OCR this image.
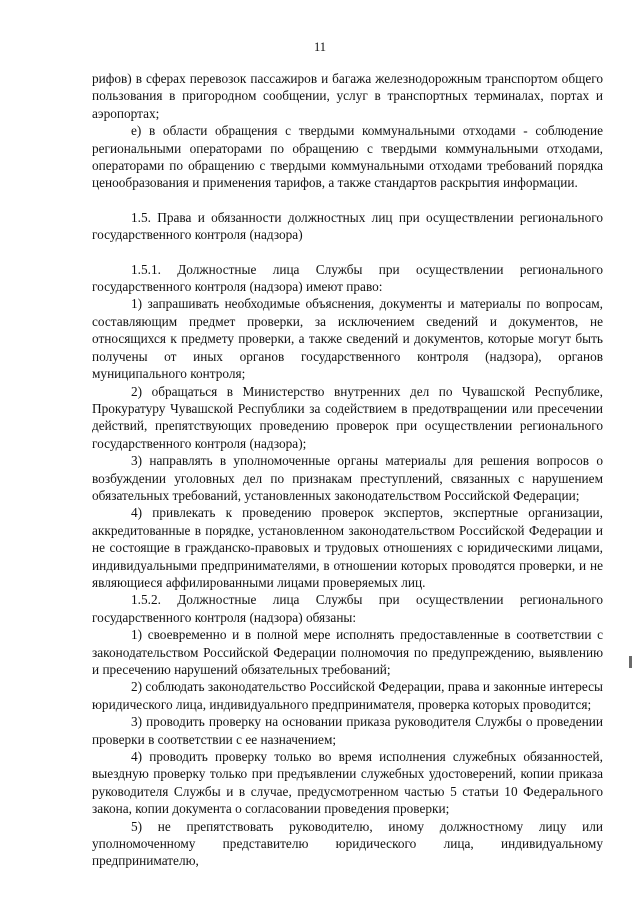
11

рифов) в сферах перевозок пассажиров и багажа железнодорожным транспортом общего пользования в пригородном сообщении, услуг в транспортных терминалах, портах и аэропортах;

е) в области обращения с твердыми коммунальными отходами - соблюдение региональными операторами по обращению с твердыми коммунальными отходами, операторами по обращению с твердыми коммунальными отходами требований порядка ценообразования и применения тарифов, а также стандартов раскрытия информации.

1.5. Права и обязанности должностных лиц при осуществлении регионального государственного контроля (надзора)

1.5.1. Должностные лица Службы при осуществлении регионального государственного контроля (надзора) имеют право:

1) запрашивать необходимые объяснения, документы и материалы по вопросам, составляющим предмет проверки, за исключением сведений и документов, не относящихся к предмету проверки, а также сведений и документов, которые могут быть получены от иных органов государственного контроля (надзора), органов муниципального контроля;

2) обращаться в Министерство внутренних дел по Чувашской Республике, Прокуратуру Чувашской Республики за содействием в предотвращении или пресечении действий, препятствующих проведению проверок при осуществлении регионального государственного контроля (надзора);

3) направлять в уполномоченные органы материалы для решения вопросов о возбуждении уголовных дел по признакам преступлений, связанных с нарушением обязательных требований, установленных законодательством Российской Федерации;

4) привлекать к проведению проверок экспертов, экспертные организации, аккредитованные в порядке, установленном законодательством Российской Федерации и не состоящие в гражданско-правовых и трудовых отношениях с юридическими лицами, индивидуальными предпринимателями, в отношении которых проводятся проверки, и не являющиеся аффилированными лицами проверяемых лиц.

1.5.2. Должностные лица Службы при осуществлении регионального государственного контроля (надзора) обязаны:

1) своевременно и в полной мере исполнять предоставленные в соответствии с законодательством Российской Федерации полномочия по предупреждению, выявлению и пресечению нарушений обязательных требований;

2) соблюдать законодательство Российской Федерации, права и законные интересы юридического лица, индивидуального предпринимателя, проверка которых проводится;

3) проводить проверку на основании приказа руководителя Службы о проведении проверки в соответствии с ее назначением;

4) проводить проверку только во время исполнения служебных обязанностей, выездную проверку только при предъявлении служебных удостоверений, копии приказа руководителя Службы и в случае, предусмотренном частью 5 статьи 10 Федерального закона, копии документа о согласовании проведения проверки;

5) не препятствовать руководителю, иному должностному лицу или уполномоченному представителю юридического лица, индивидуальному предпринимателю,
